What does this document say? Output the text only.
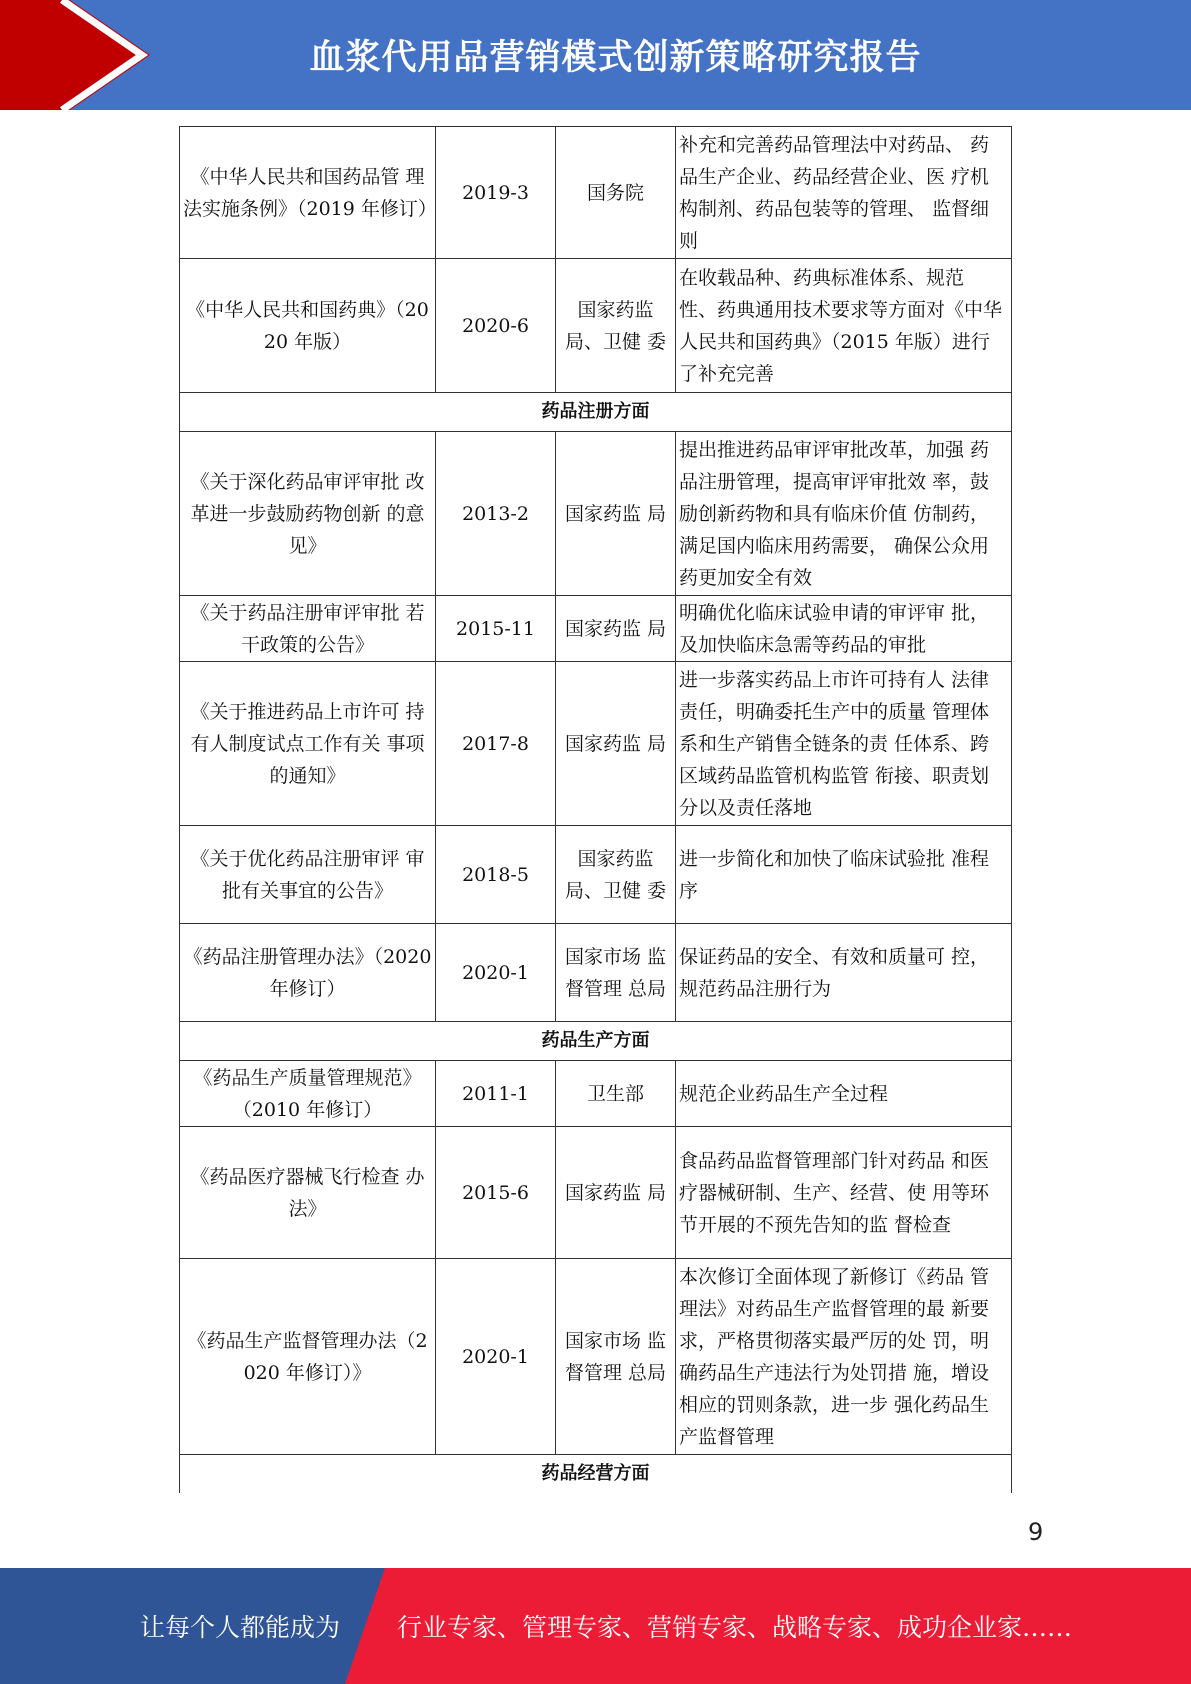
血浆代用品营销模式创新策略研究报告
《中华人民共和国药品管 理法实施条例》（2019 年修订）	2019-3	国务院	补充和完善药品管理法中对药品、 药品生产企业、药品经营企业、医 疗机构制剂、药品包装等的管理、 监督细则
《中华人民共和国药典》（2020 年版）	2020-6	国家药监局、卫健 委	在收载品种、药典标准体系、规范 性、药典通用技术要求等方面对《中华人民共和国药典》（2015 年版）进行了补充完善
药品注册方面			
《关于深化药品审评审批 改革进一步鼓励药物创新 的意见》	2013-2	国家药监 局	提出推进药品审评审批改革，加强 药品注册管理，提高审评审批效 率，鼓励创新药物和具有临床价值 仿制药，满足国内临床用药需要， 确保公众用药更加安全有效
《关于药品注册审评审批 若干政策的公告》	2015-11	国家药监 局	明确优化临床试验申请的审评审 批，及加快临床急需等药品的审批
《关于推进药品上市许可 持有人制度试点工作有关 事项的通知》	2017-8	国家药监 局	进一步落实药品上市许可持有人 法律责任，明确委托生产中的质量 管理体系和生产销售全链条的责 任体系、跨区域药品监管机构监管 衔接、职责划分以及责任落地
《关于优化药品注册审评 审批有关事宜的公告》	2018-5	国家药监局、卫健 委	进一步简化和加快了临床试验批 准程序
《药品注册管理办法》（2020 年修订）	2020-1	国家市场 监督管理 总局	保证药品的安全、有效和质量可 控，规范药品注册行为
药品生产方面			
《药品生产质量管理规范》（2010 年修订）	2011-1	卫生部	规范企业药品生产全过程
《药品医疗器械飞行检查 办法》	2015-6	国家药监 局	食品药品监督管理部门针对药品 和医疗器械研制、生产、经营、使 用等环节开展的不预先告知的监 督检查
《药品生产监督管理办法（2020 年修订）》	2020-1	国家市场 监督管理 总局	本次修订全面体现了新修订《药品 管理法》对药品生产监督管理的最 新要求，严格贯彻落实最严厉的处 罚，明确药品生产违法行为处罚措 施，增设相应的罚则条款，进一步 强化药品生产监督管理
药品经营方面			
9
让每个人都能成为 行业专家、管理专家、营销专家、战略专家、成功企业家……
